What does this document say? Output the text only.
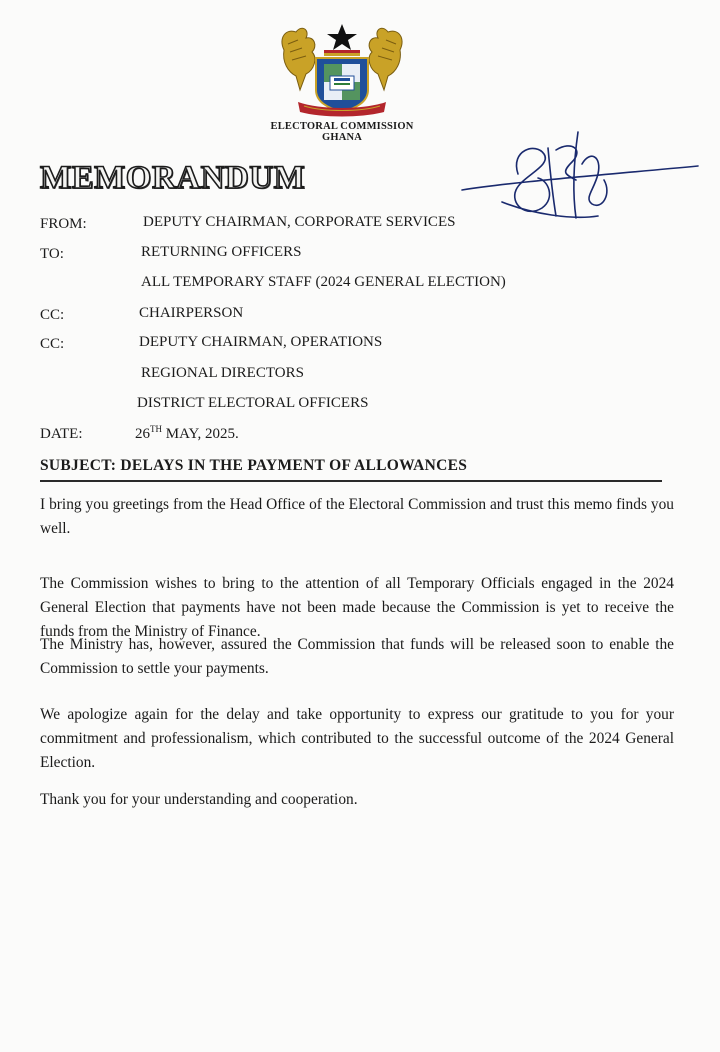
ELECTORAL COMMISSION
GHANA
MEMORANDUM
FROM:	DEPUTY CHAIRMAN, CORPORATE SERVICES
TO:	RETURNING OFFICERS
ALL TEMPORARY STAFF (2024 GENERAL ELECTION)
CC:	CHAIRPERSON
CC:	DEPUTY CHAIRMAN, OPERATIONS
REGIONAL DIRECTORS
DISTRICT ELECTORAL OFFICERS
DATE:	26TH MAY, 2025.
SUBJECT: DELAYS IN THE PAYMENT OF ALLOWANCES

I bring you greetings from the Head Office of the Electoral Commission and trust this memo finds you well.

The Commission wishes to bring to the attention of all Temporary Officials engaged in the 2024 General Election that payments have not been made because the Commission is yet to receive the funds from the Ministry of Finance.

The Ministry has, however, assured the Commission that funds will be released soon to enable the Commission to settle your payments.

We apologize again for the delay and take opportunity to express our gratitude to you for your commitment and professionalism, which contributed to the successful outcome of the 2024 General Election.

Thank you for your understanding and cooperation.
